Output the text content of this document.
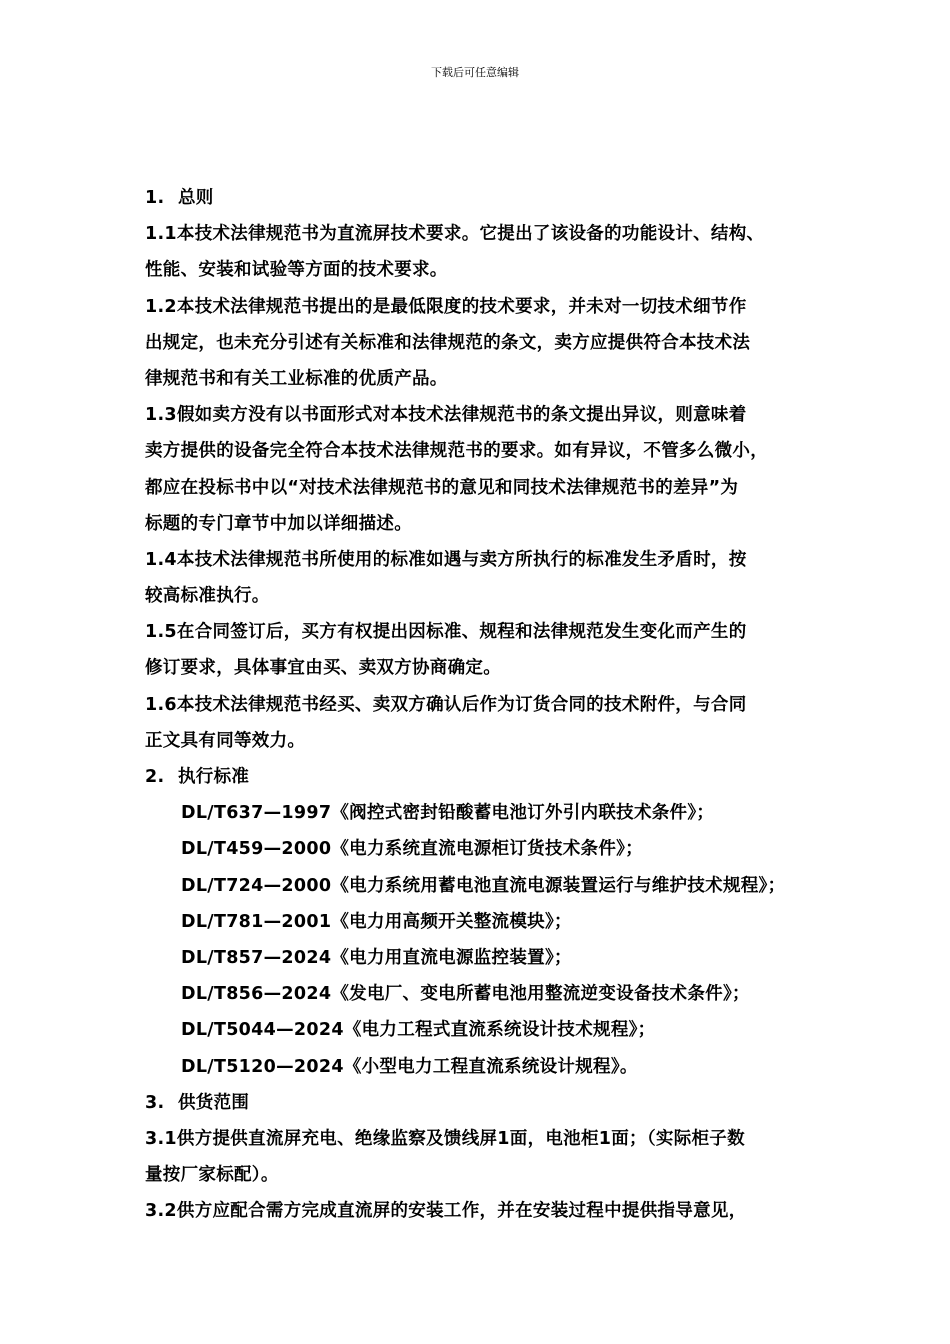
下载后可任意编辑
1. 总则
1.1本技术法律规范书为直流屏技术要求。它提出了该设备的功能设计、结构、
性能、安装和试验等方面的技术要求。
1.2本技术法律规范书提出的是最低限度的技术要求，并未对一切技术细节作
出规定，也未充分引述有关标准和法律规范的条文，卖方应提供符合本技术法
律规范书和有关工业标准的优质产品。
1.3假如卖方没有以书面形式对本技术法律规范书的条文提出异议，则意味着
卖方提供的设备完全符合本技术法律规范书的要求。如有异议，不管多么微小，
都应在投标书中以“对技术法律规范书的意见和同技术法律规范书的差异”为
标题的专门章节中加以详细描述。
1.4本技术法律规范书所使用的标准如遇与卖方所执行的标准发生矛盾时，按
较高标准执行。
1.5在合同签订后，买方有权提出因标准、规程和法律规范发生变化而产生的
修订要求，具体事宜由买、卖双方协商确定。
1.6本技术法律规范书经买、卖双方确认后作为订货合同的技术附件，与合同
正文具有同等效力。
2. 执行标准
DL/T637—1997《阀控式密封铅酸蓄电池订外引内联技术条件》；
DL/T459—2000《电力系统直流电源柜订货技术条件》；
DL/T724—2000《电力系统用蓄电池直流电源装置运行与维护技术规程》；
DL/T781—2001《电力用高频开关整流模块》；
DL/T857—2024《电力用直流电源监控装置》；
DL/T856—2024《发电厂、变电所蓄电池用整流逆变设备技术条件》；
DL/T5044—2024《电力工程式直流系统设计技术规程》；
DL/T5120—2024《小型电力工程直流系统设计规程》。
3. 供货范围
3.1供方提供直流屏充电、绝缘监察及馈线屏1面，电池柜1面；（实际柜子数
量按厂家标配）。
3.2供方应配合需方完成直流屏的安装工作，并在安装过程中提供指导意见，
